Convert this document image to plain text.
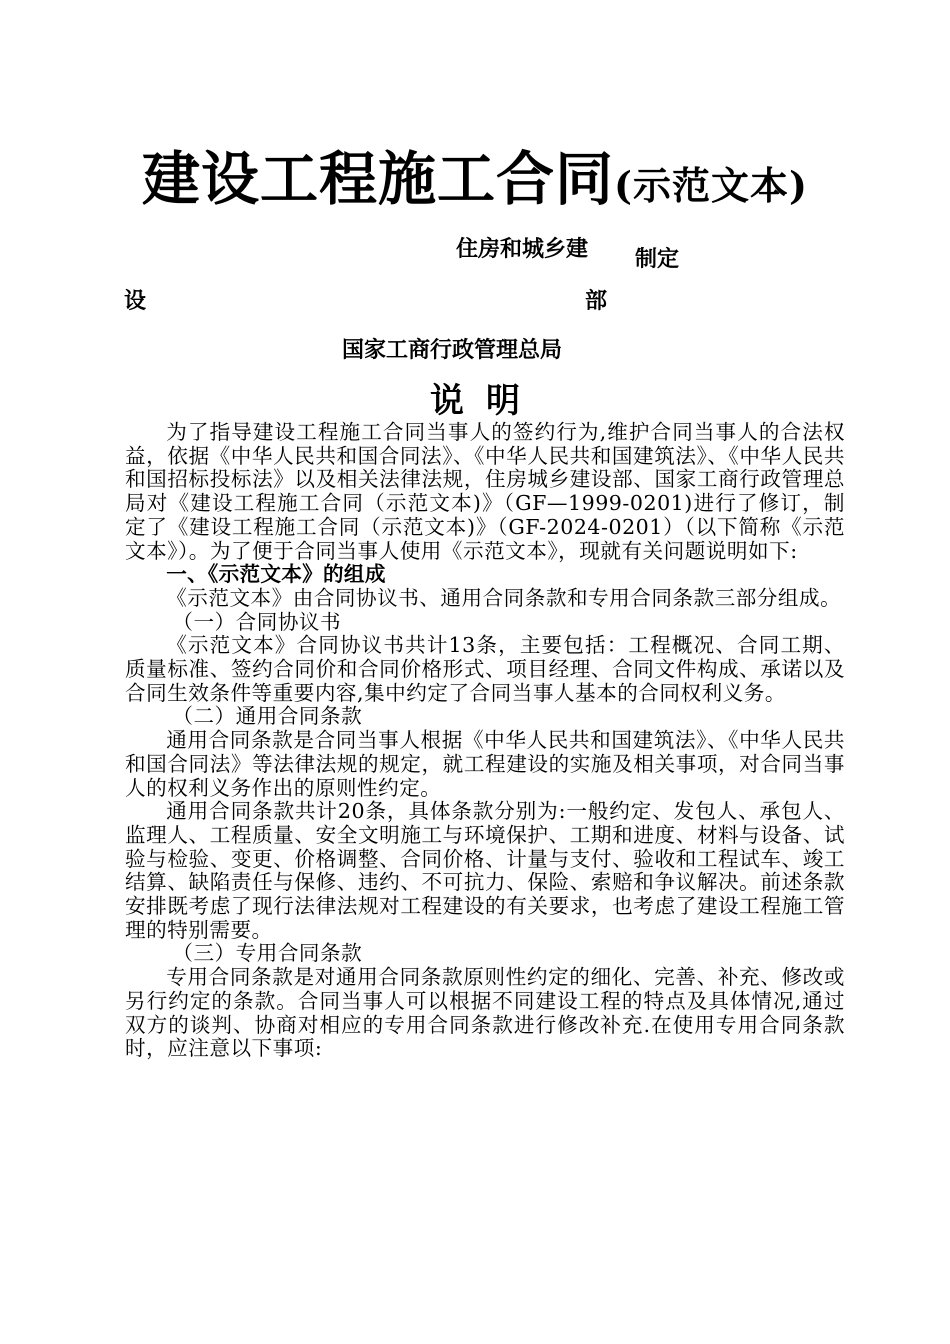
建设工程施工合同(示范文本)
住房和城乡建 制定
设	部
国家工商行政管理总局
说明

为了指导建设工程施工合同当事人的签约行为,维护合同当事人的合法权益，依据《中华人民共和国合同法》、《中华人民共和国建筑法》、《中华人民共和国招标投标法》以及相关法律法规，住房城乡建设部、国家工商行政管理总局对《建设工程施工合同（示范文本)》（GF—1999-0201)进行了修订，制定了《建设工程施工合同（示范文本)》（GF-2024-0201）（以下简称《示范文本》）。为了便于合同当事人使用《示范文本》，现就有关问题说明如下:

一、《示范文本》的组成

《示范文本》由合同协议书、通用合同条款和专用合同条款三部分组成。

（一）合同协议书

《示范文本》合同协议书共计13条，主要包括：工程概况、合同工期、质量标准、签约合同价和合同价格形式、项目经理、合同文件构成、承诺以及合同生效条件等重要内容,集中约定了合同当事人基本的合同权利义务。

（二）通用合同条款

通用合同条款是合同当事人根据《中华人民共和国建筑法》、《中华人民共和国合同法》等法律法规的规定，就工程建设的实施及相关事项，对合同当事人的权利义务作出的原则性约定。

通用合同条款共计20条，具体条款分别为:一般约定、发包人、承包人、监理人、工程质量、安全文明施工与环境保护、工期和进度、材料与设备、试验与检验、变更、价格调整、合同价格、计量与支付、验收和工程试车、竣工结算、缺陷责任与保修、违约、不可抗力、保险、索赔和争议解决。前述条款安排既考虑了现行法律法规对工程建设的有关要求，也考虑了建设工程施工管理的特别需要。

（三）专用合同条款

专用合同条款是对通用合同条款原则性约定的细化、完善、补充、修改或另行约定的条款。合同当事人可以根据不同建设工程的特点及具体情况,通过双方的谈判、协商对相应的专用合同条款进行修改补充.在使用专用合同条款时，应注意以下事项:
